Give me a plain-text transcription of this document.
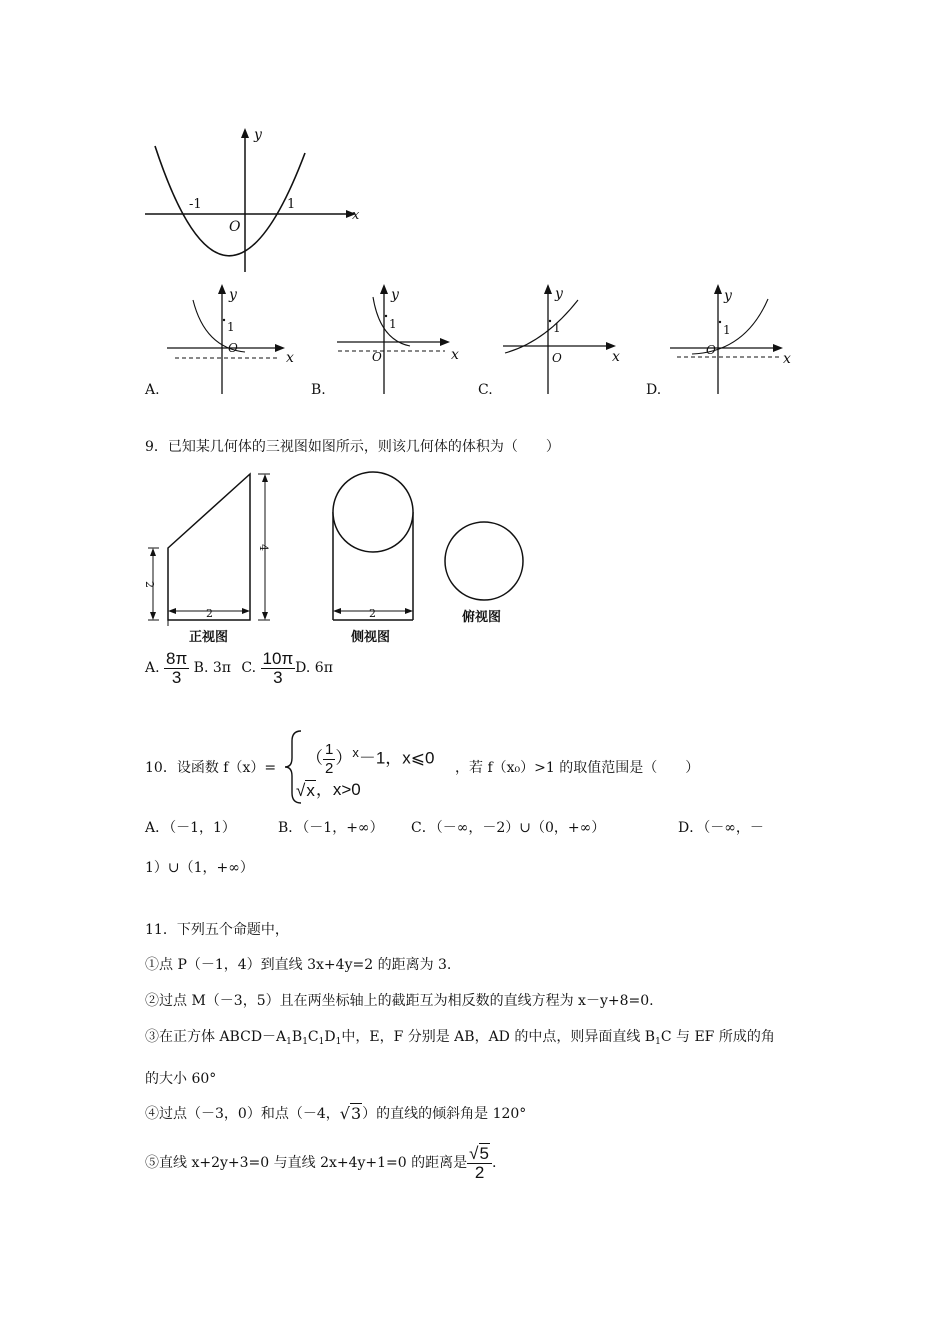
y
x
-1	1
O
y
x
1
O
y
x
1
O
y
x
1
O
y
x
1
O
A.	B.	C.	D.
9．已知某几何体的三视图如图所示，则该几何体的体积为（　　）
2
4
2	2
正视图	侧视图
俯视图
A. $\frac{8\pi}{3} B$. 3π C. $\frac{10\pi}{3} D$. 6π
10．设函数 f（x）=
（ $\frac{1}{2} )^x-1$，x⩽0
√x，x>0
，若 f（x₀）>1 的取值范围是（　　）
A．（－1，1）	B．（－1，+∞） C．（－∞，－2）∪（0，+∞）	D．（－∞，－
1）∪（1，+∞）
11．下列五个命题中，
①点 P（－1，4）到直线 3x+4y=2 的距离为 3.
②过点 M（－3，5）且在两坐标轴上的截距互为相反数的直线方程为 x－y+8=0.
③在正方体 $ABCD-A_1B_1C_1D_1$中，E，F 分别是 AB，AD 的中点，则异面直线 $B_1C$ 与 EF 所成的角
的大小 60°
④过点（－3，0）和点（－4，√3）的直线的倾斜角是 120°
⑤直线 x+2y+3=0 与直线 2x+4y+1=0 的距离是 $\frac{√5}{2}$ .
